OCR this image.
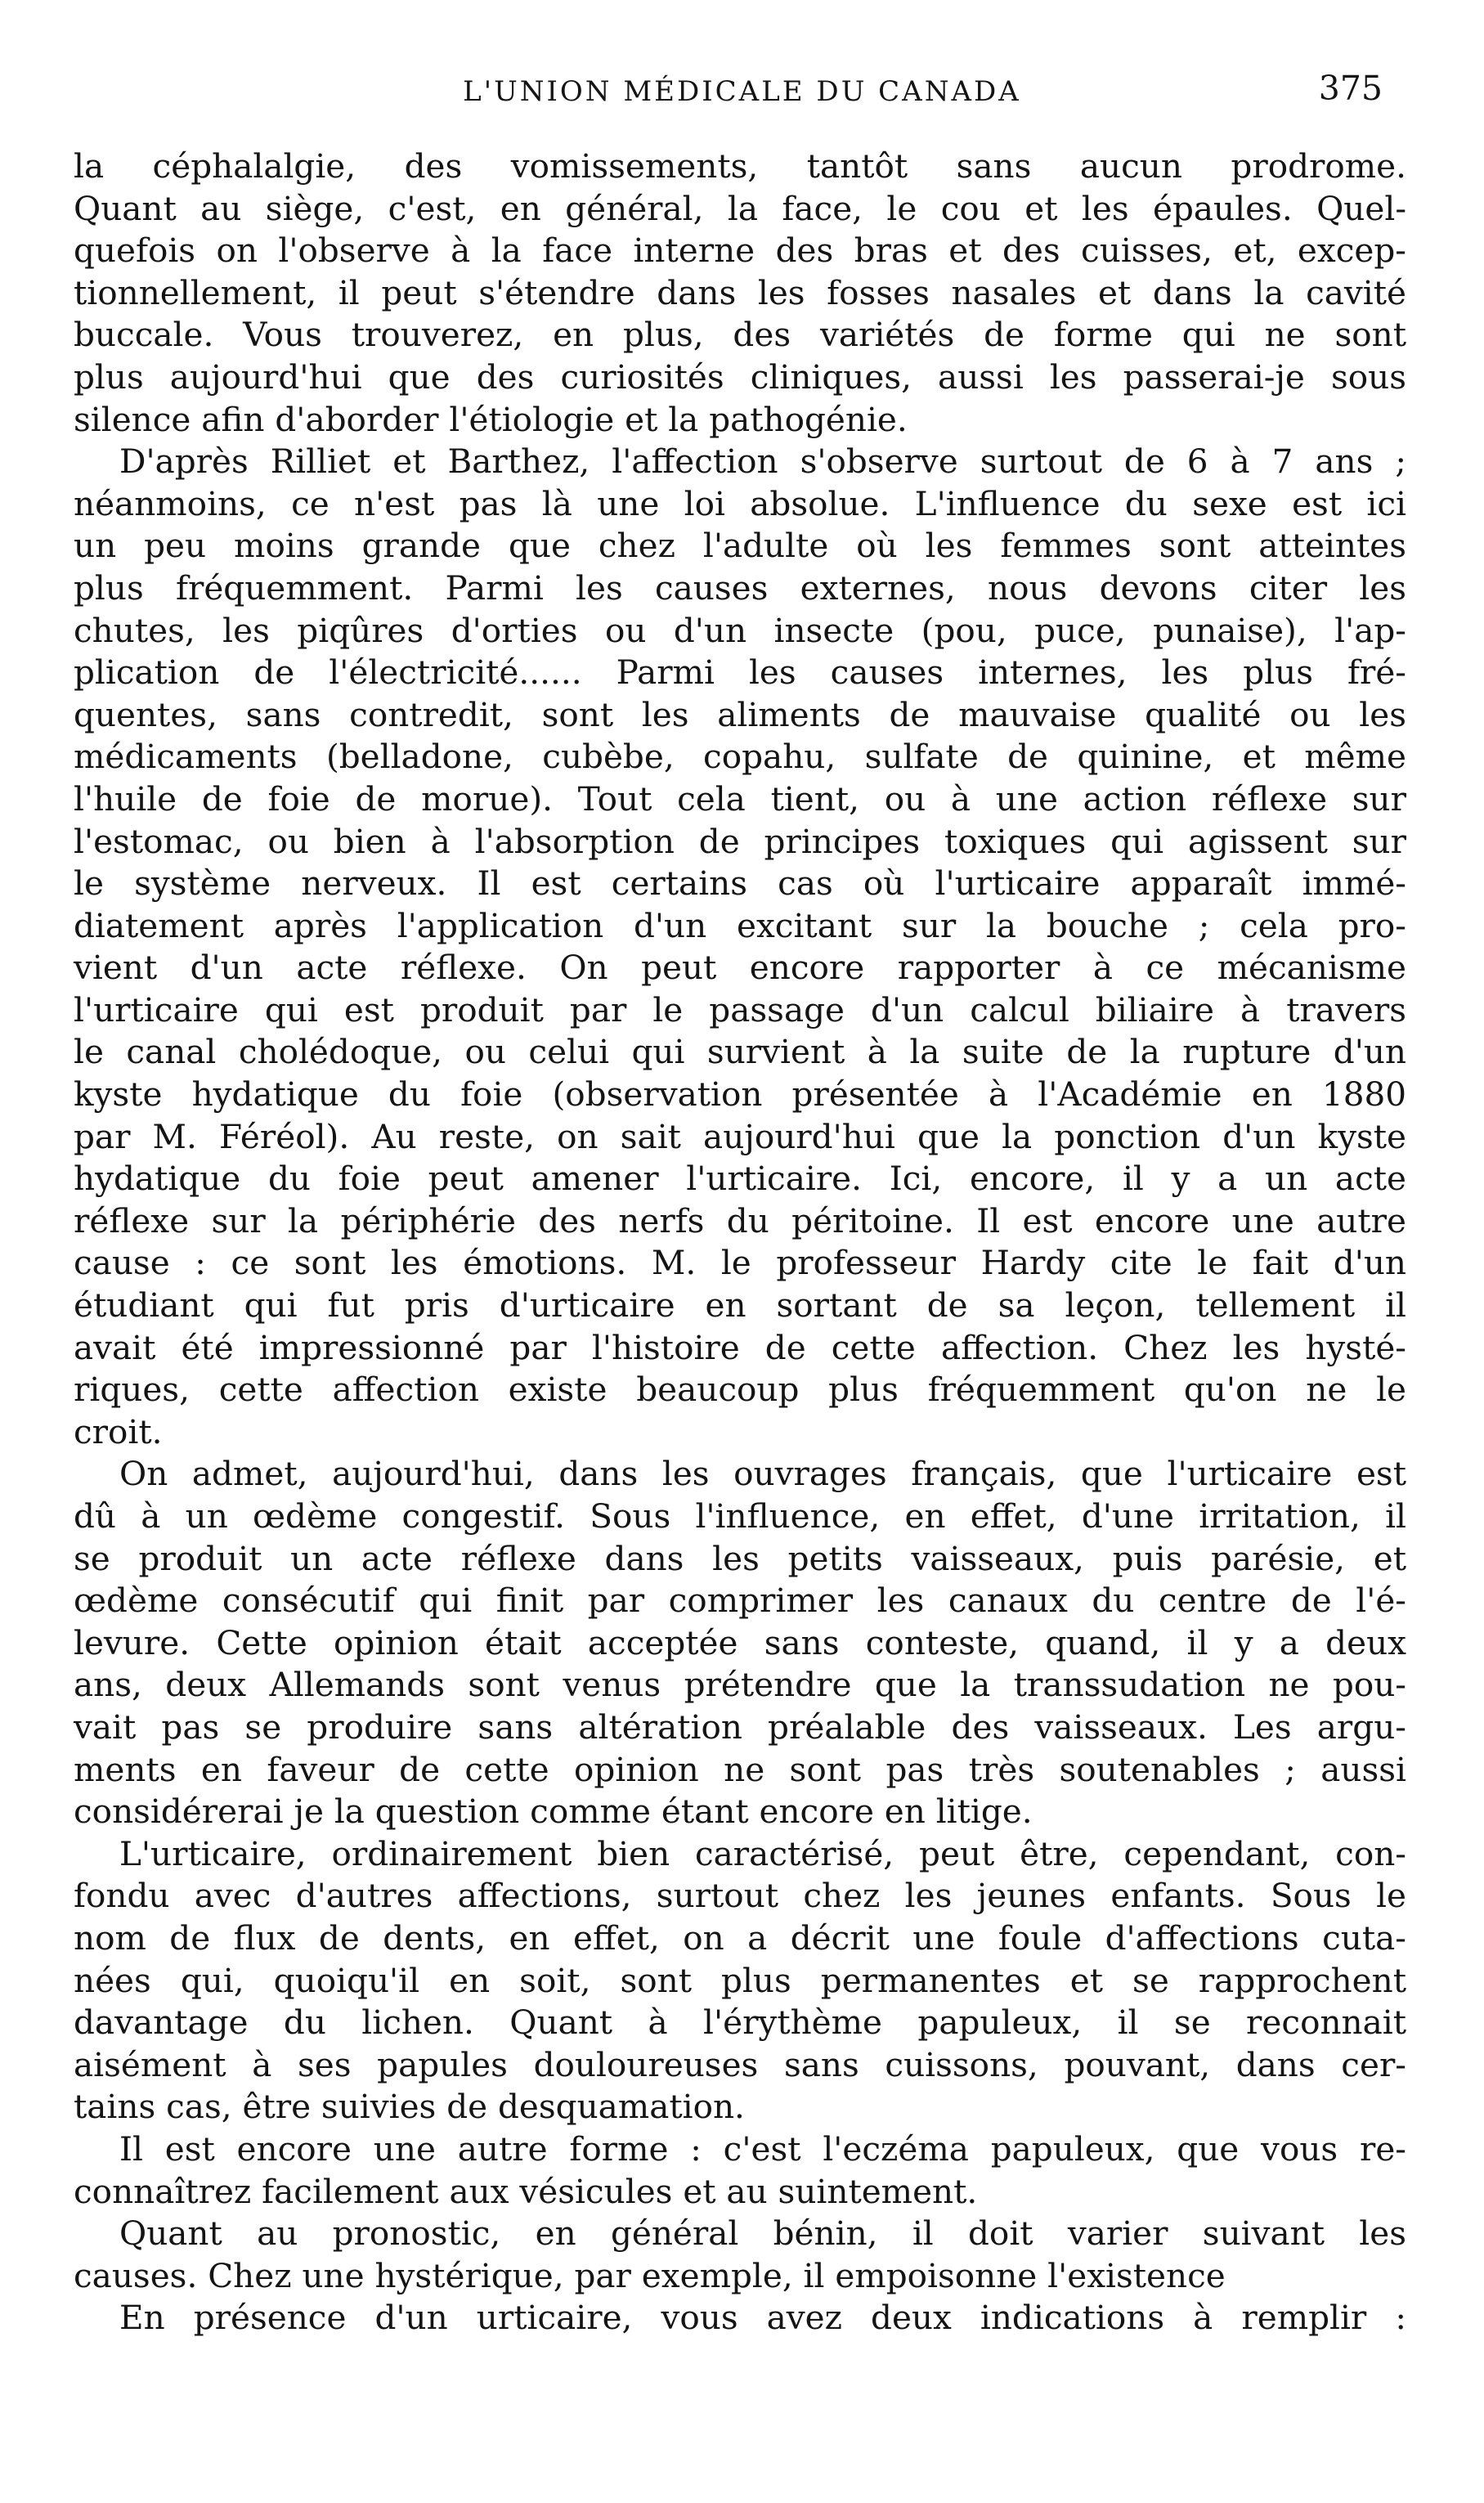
L'UNION MÉDICALE DU CANADA	375
la céphalalgie, des vomissements, tantôt sans aucun prodrome.
Quant au siège, c'est, en général, la face, le cou et les épaules. Quel-
quefois on l'observe à la face interne des bras et des cuisses, et, excep-
tionnellement, il peut s'étendre dans les fosses nasales et dans la cavité
buccale. Vous trouverez, en plus, des variétés de forme qui ne sont
plus aujourd'hui que des curiosités cliniques, aussi les passerai-je sous
silence afin d'aborder l'étiologie et la pathogénie.
D'après Rilliet et Barthez, l'affection s'observe surtout de 6 à 7 ans ;
néanmoins, ce n'est pas là une loi absolue. L'influence du sexe est ici
un peu moins grande que chez l'adulte où les femmes sont atteintes
plus fréquemment. Parmi les causes externes, nous devons citer les
chutes, les piqûres d'orties ou d'un insecte (pou, puce, punaise), l'ap-
plication de l'électricité...... Parmi les causes internes, les plus fré-
quentes, sans contredit, sont les aliments de mauvaise qualité ou les
médicaments (belladone, cubèbe, copahu, sulfate de quinine, et même
l'huile de foie de morue). Tout cela tient, ou à une action réflexe sur
l'estomac, ou bien à l'absorption de principes toxiques qui agissent sur
le système nerveux. Il est certains cas où l'urticaire apparaît immé-
diatement après l'application d'un excitant sur la bouche ; cela pro-
vient d'un acte réflexe. On peut encore rapporter à ce mécanisme
l'urticaire qui est produit par le passage d'un calcul biliaire à travers
le canal cholédoque, ou celui qui survient à la suite de la rupture d'un
kyste hydatique du foie (observation présentée à l'Académie en 1880
par M. Féréol). Au reste, on sait aujourd'hui que la ponction d'un kyste
hydatique du foie peut amener l'urticaire. Ici, encore, il y a un acte
réflexe sur la périphérie des nerfs du péritoine. Il est encore une autre
cause : ce sont les émotions. M. le professeur Hardy cite le fait d'un
étudiant qui fut pris d'urticaire en sortant de sa leçon, tellement il
avait été impressionné par l'histoire de cette affection. Chez les hysté-
riques, cette affection existe beaucoup plus fréquemment qu'on ne le
croit.
On admet, aujourd'hui, dans les ouvrages français, que l'urticaire est
dû à un œdème congestif. Sous l'influence, en effet, d'une irritation, il
se produit un acte réflexe dans les petits vaisseaux, puis parésie, et
œdème consécutif qui finit par comprimer les canaux du centre de l'é-
levure. Cette opinion était acceptée sans conteste, quand, il y a deux
ans, deux Allemands sont venus prétendre que la transsudation ne pou-
vait pas se produire sans altération préalable des vaisseaux. Les argu-
ments en faveur de cette opinion ne sont pas très soutenables ; aussi
considérerai je la question comme étant encore en litige.
L'urticaire, ordinairement bien caractérisé, peut être, cependant, con-
fondu avec d'autres affections, surtout chez les jeunes enfants. Sous le
nom de flux de dents, en effet, on a décrit une foule d'affections cuta-
nées qui, quoiqu'il en soit, sont plus permanentes et se rapprochent
davantage du lichen. Quant à l'érythème papuleux, il se reconnait
aisément à ses papules douloureuses sans cuissons, pouvant, dans cer-
tains cas, être suivies de desquamation.
Il est encore une autre forme : c'est l'eczéma papuleux, que vous re-
connaîtrez facilement aux vésicules et au suintement.
Quant au pronostic, en général bénin, il doit varier suivant les
causes. Chez une hystérique, par exemple, il empoisonne l'existence
En présence d'un urticaire, vous avez deux indications à remplir :
